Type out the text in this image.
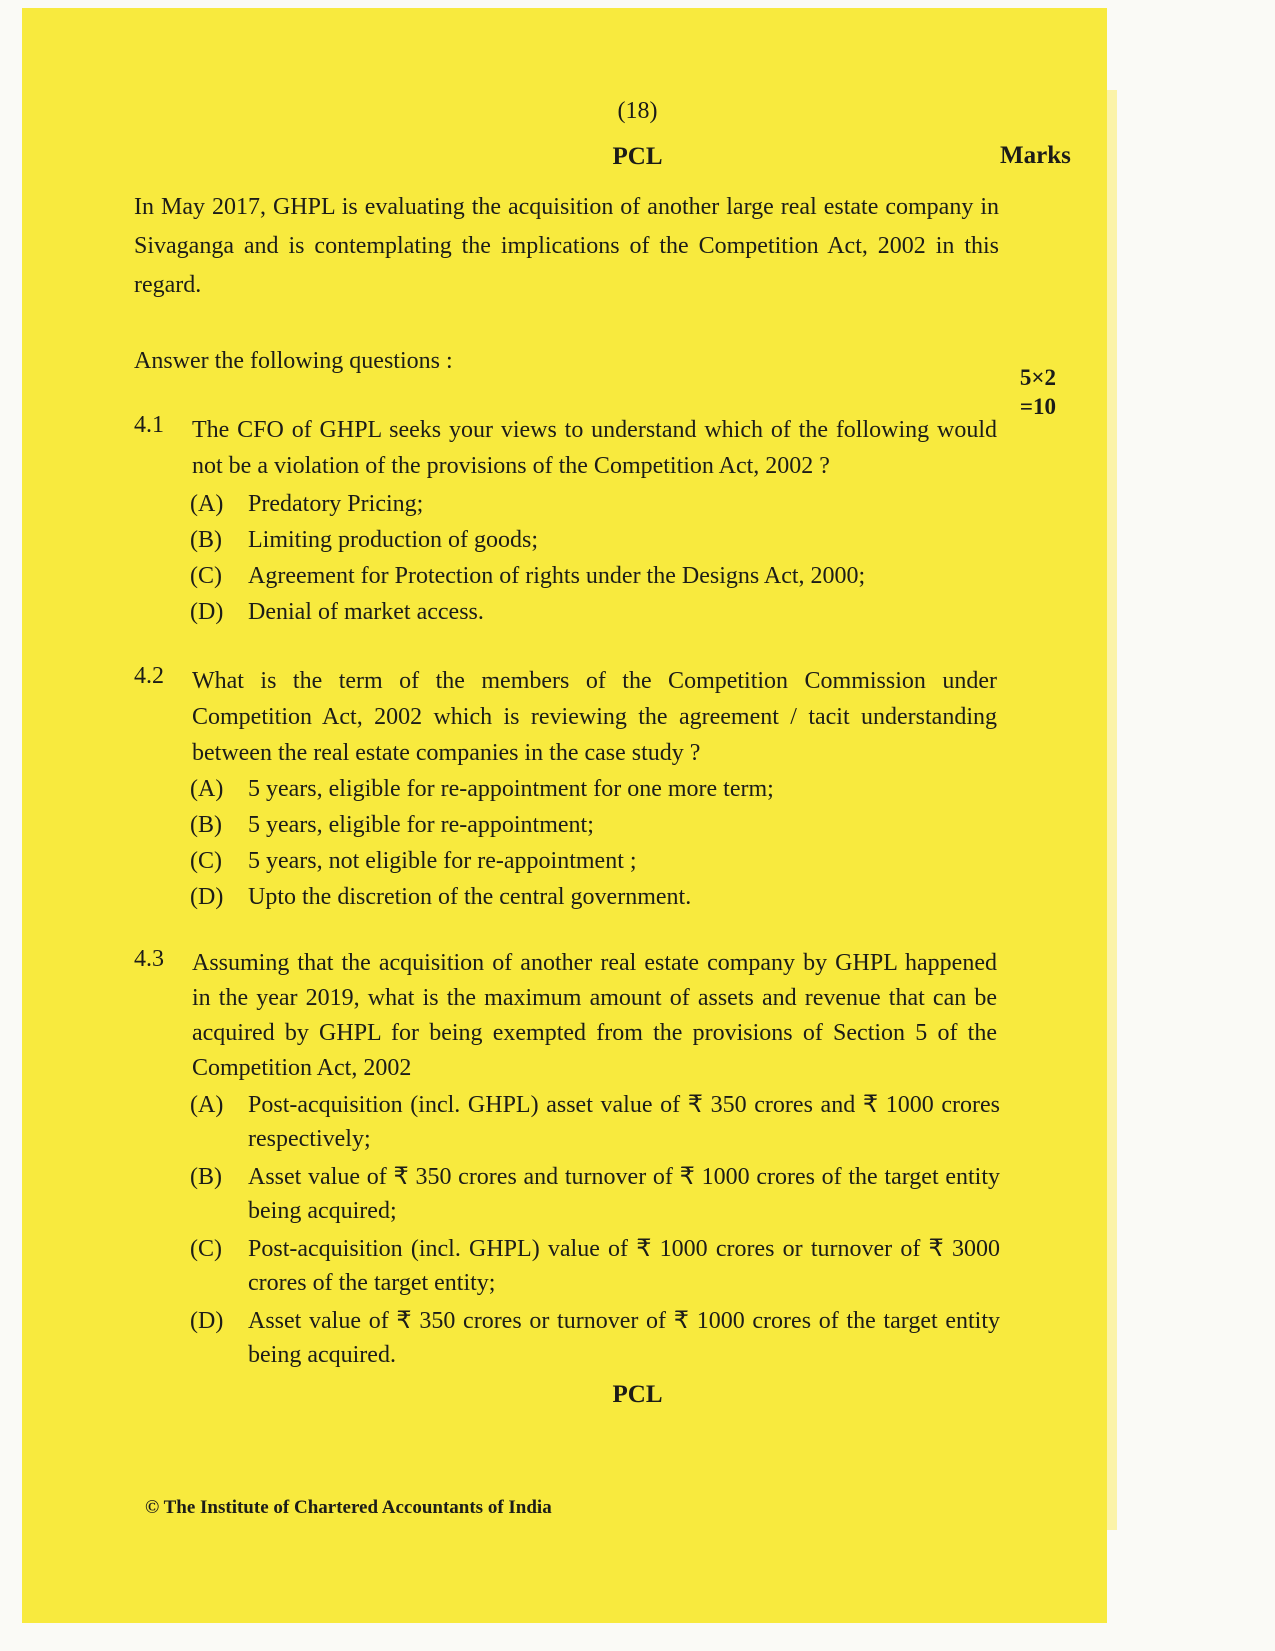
(18)
PCL	Marks
In May 2017, GHPL is evaluating the acquisition of another large real estate company in Sivaganga and is contemplating the implications of the Competition Act, 2002 in this regard.
Answer the following questions :
5×2
=10
4.1 The CFO of GHPL seeks your views to understand which of the following would not be a violation of the provisions of the Competition Act, 2002 ?
(A) Predatory Pricing;
(B) Limiting production of goods;
(C) Agreement for Protection of rights under the Designs Act, 2000;
(D) Denial of market access.
4.2 What is the term of the members of the Competition Commission under Competition Act, 2002 which is reviewing the agreement / tacit understanding between the real estate companies in the case study ?
(A) 5 years, eligible for re-appointment for one more term;
(B) 5 years, eligible for re-appointment;
(C) 5 years, not eligible for re-appointment ;
(D) Upto the discretion of the central government.
4.3 Assuming that the acquisition of another real estate company by GHPL happened in the year 2019, what is the maximum amount of assets and revenue that can be acquired by GHPL for being exempted from the provisions of Section 5 of the Competition Act, 2002
(A) Post-acquisition (incl. GHPL) asset value of ₹ 350 crores and ₹ 1000 crores respectively;
(B) Asset value of ₹ 350 crores and turnover of ₹ 1000 crores of the target entity being acquired;
(C) Post-acquisition (incl. GHPL) value of ₹ 1000 crores or turnover of ₹ 3000 crores of the target entity;
(D) Asset value of ₹ 350 crores or turnover of ₹ 1000 crores of the target entity being acquired.
PCL
© The Institute of Chartered Accountants of India
